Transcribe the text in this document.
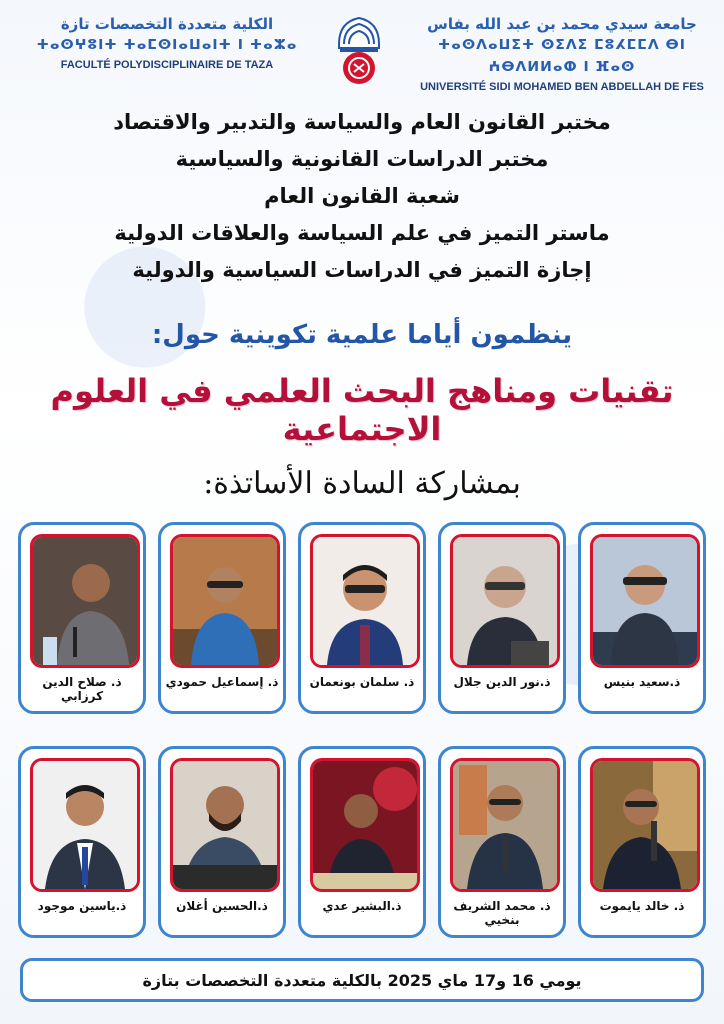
جامعة سيدي محمد بن عبد الله بفاس
ⵜⴰⵙⴷⴰⵡⵉⵜ ⵙⵉⴷⵉ ⵎⵓⵃⵎⵎⴷ ⴱⵏ ⵄⴱⴷⵍⵍⴰⵀ ⵏ ⴼⴰⵙ
UNIVERSITÉ SIDI MOHAMED BEN ABDELLAH DE FES
الكلية متعددة التخصصات تازة
ⵜⴰⵙⵖⵓⵏⵜ ⵜⴰⵎⵙⵏⴰⵡⴰⵏⵜ ⵏ ⵜⴰⵣⴰ
FACULTÉ POLYDISCIPLINAIRE DE TAZA
مختبر القانون العام والسياسة والتدبير والاقتصاد
مختبر الدراسات القانونية والسياسية
شعبة القانون العام
ماستر التميز في علم السياسة والعلاقات الدولية
إجازة التميز في الدراسات السياسية والدولية
ينظمون أياما علمية تكوينية حول:
تقنيات ومناهج البحث العلمي في العلوم الاجتماعية
بمشاركة السادة الأساتذة:
ذ.سعيد بنيس
ذ.نور الدين جلال
ذ. سلمان بونعمان
ذ. إسماعيل حمودي
ذ. صلاح الدين كرزابي
ذ. خالد يايموت
ذ. محمد الشريف بنخيي
ذ.البشير عدي
ذ.الحسين أغلان
ذ.ياسين موجود
يومي 16 و17 ماي 2025 بالكلية متعددة التخصصات بتازة
